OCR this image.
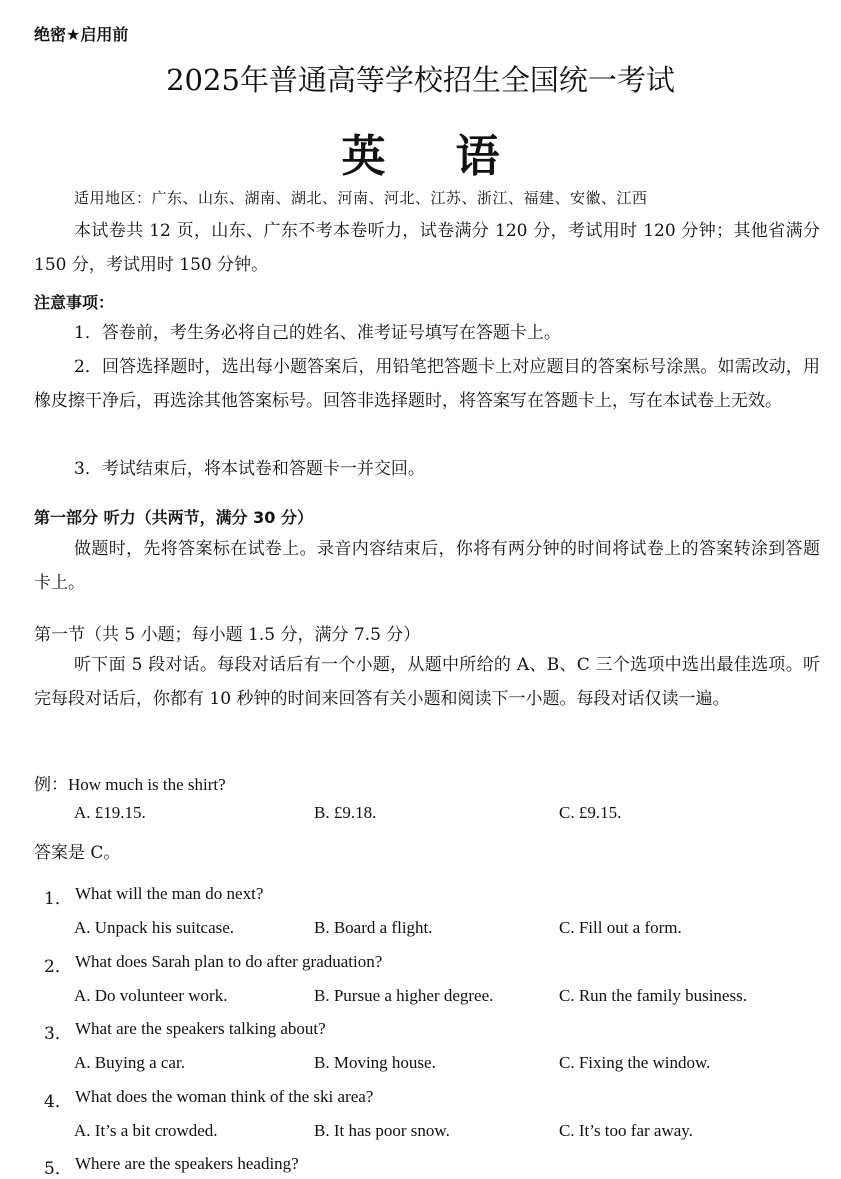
绝密★启用前
2025年普通高等学校招生全国统一考试
英 语
适用地区：广东、山东、湖南、湖北、河南、河北、江苏、浙江、福建、安徽、江西
本试卷共 12 页，山东、广东不考本卷听力，试卷满分 120 分，考试用时 120 分钟；其他省满分 150 分，考试用时 150 分钟。
注意事项：
1．答卷前，考生务必将自己的姓名、准考证号填写在答题卡上。
2．回答选择题时，选出每小题答案后，用铅笔把答题卡上对应题目的答案标号涂黑。如需改动，用橡皮擦干净后，再选涂其他答案标号。回答非选择题时，将答案写在答题卡上，写在本试卷上无效。
3．考试结束后，将本试卷和答题卡一并交回。
第一部分 听力（共两节，满分 30 分）
做题时，先将答案标在试卷上。录音内容结束后，你将有两分钟的时间将试卷上的答案转涂到答题卡上。
第一节（共 5 小题；每小题 1.5 分，满分 7.5 分）
听下面 5 段对话。每段对话后有一个小题，从题中所给的 A、B、C 三个选项中选出最佳选项。听完每段对话后，你都有 10 秒钟的时间来回答有关小题和阅读下一小题。每段对话仅读一遍。
例：How much is the shirt?
A. £19.15.	B. £9.18.	C. £9.15.
答案是 C。
1． What will the man do next?
A. Unpack his suitcase.	B. Board a flight.	C. Fill out a form.
2． What does Sarah plan to do after graduation?
A. Do volunteer work.	B. Pursue a higher degree.	C. Run the family business.
3． What are the speakers talking about?
A. Buying a car.	B. Moving house.	C. Fixing the window.
4． What does the woman think of the ski area?
A. It’s a bit crowded.	B. It has poor snow.	C. It’s too far away.
5． Where are the speakers heading?
